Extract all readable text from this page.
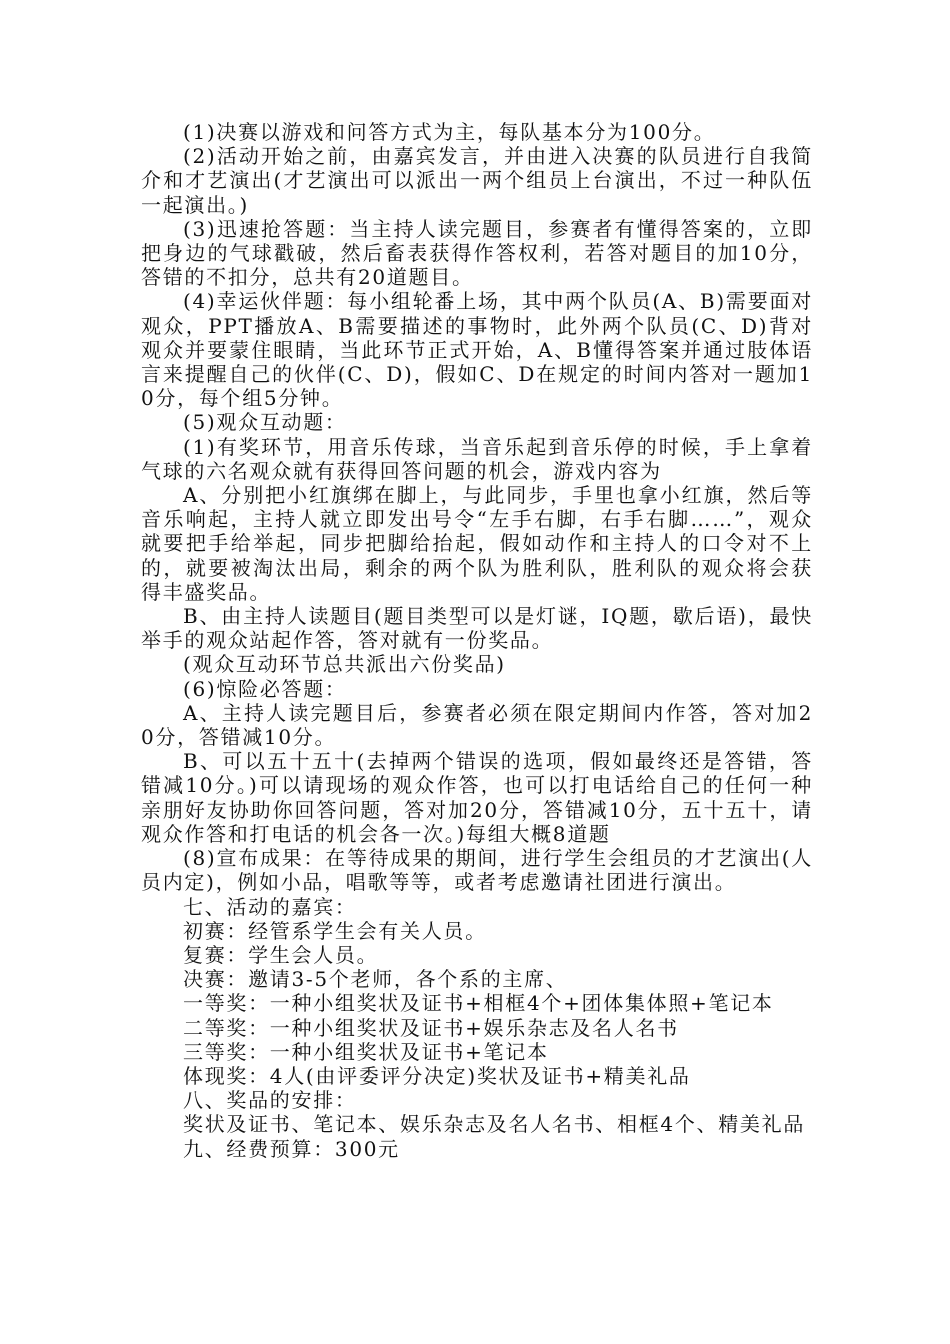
(1)决赛以游戏和问答方式为主，每队基本分为100分。

(2)活动开始之前，由嘉宾发言，并由进入决赛的队员进行自我简介和才艺演出(才艺演出可以派出一两个组员上台演出，不过一种队伍一起演出。)

(3)迅速抢答题：当主持人读完题目，参赛者有懂得答案的，立即把身边的气球戳破，然后畜表获得作答权利，若答对题目的加10分，答错的不扣分，总共有20道题目。

(4)幸运伙伴题：每小组轮番上场，其中两个队员(A、B)需要面对观众，PPT播放A、B需要描述的事物时，此外两个队员(C、D)背对观众并要蒙住眼睛，当此环节正式开始，A、B懂得答案并通过肢体语言来提醒自己的伙伴(C、D)，假如C、D在规定的时间内答对一题加10分，每个组5分钟。

(5)观众互动题：

(1)有奖环节，用音乐传球，当音乐起到音乐停的时候，手上拿着气球的六名观众就有获得回答问题的机会，游戏内容为

A、分别把小红旗绑在脚上，与此同步，手里也拿小红旗，然后等音乐响起，主持人就立即发出号令“左手右脚，右手右脚……”，观众就要把手给举起，同步把脚给抬起，假如动作和主持人的口令对不上的，就要被淘汰出局，剩余的两个队为胜利队，胜利队的观众将会获得丰盛奖品。

B、由主持人读题目(题目类型可以是灯谜，IQ题，歇后语)，最快举手的观众站起作答，答对就有一份奖品。

(观众互动环节总共派出六份奖品)

(6)惊险必答题：

A、主持人读完题目后，参赛者必须在限定期间内作答，答对加20分，答错减10分。

B、可以五十五十(去掉两个错误的选项，假如最终还是答错，答错减10分。)可以请现场的观众作答，也可以打电话给自己的任何一种亲朋好友协助你回答问题，答对加20分，答错减10分，五十五十，请观众作答和打电话的机会各一次。)每组大概8道题

(8)宣布成果：在等待成果的期间，进行学生会组员的才艺演出(人员内定)，例如小品，唱歌等等，或者考虑邀请社团进行演出。

七、活动的嘉宾：

初赛：经管系学生会有关人员。

复赛：学生会人员。

决赛：邀请3-5个老师，各个系的主席、

一等奖：一种小组奖状及证书+相框4个+团体集体照+笔记本

二等奖：一种小组奖状及证书+娱乐杂志及名人名书

三等奖：一种小组奖状及证书+笔记本

体现奖：4人(由评委评分决定)奖状及证书+精美礼品

八、奖品的安排：

奖状及证书、笔记本、娱乐杂志及名人名书、相框4个、精美礼品

九、经费预算：300元
